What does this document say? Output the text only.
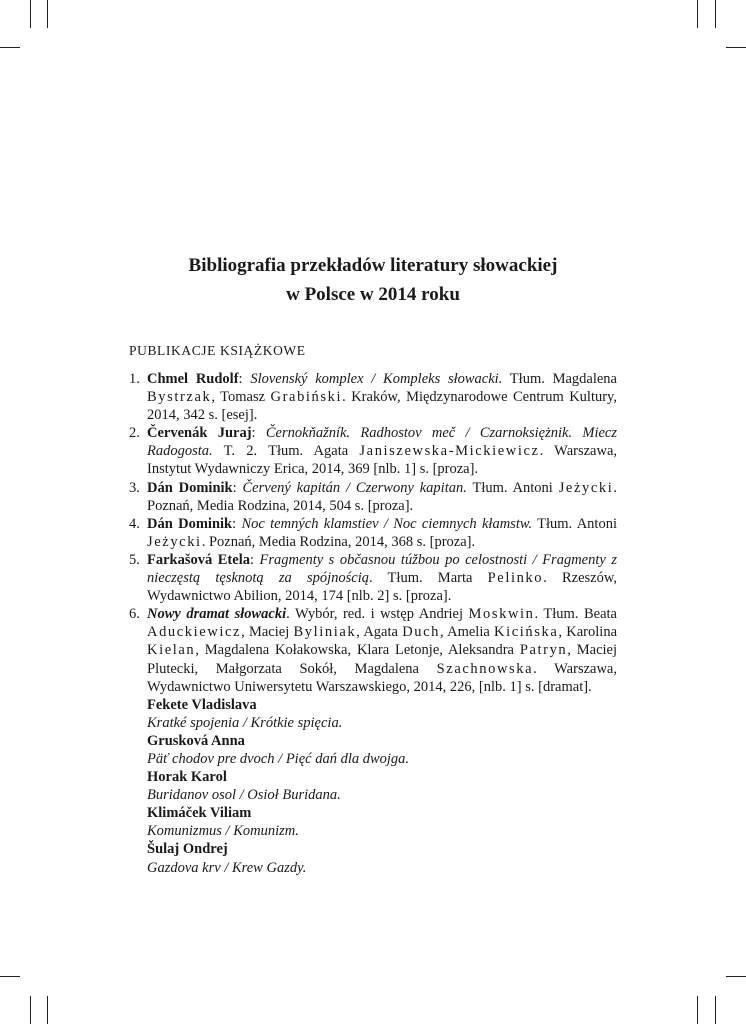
Bibliografia przekładów literatury słowackiej
w Polsce w 2014 roku
PUBLIKACJE KSIĄŻKOWE
1. Chmel Rudolf: Slovenský komplex / Kompleks słowacki. Tłum. Magdalena Bystrzak, Tomasz Grabiński. Kraków, Międzynarodowe Centrum Kultury, 2014, 342 s. [esej].
2. Červenák Juraj: Černokňažník. Radhostov meč / Czarnoksiężnik. Miecz Radogosta. T. 2. Tłum. Agata Janiszewska-Mickiewicz. Warszawa, Instytut Wydawniczy Erica, 2014, 369 [nlb. 1] s. [proza].
3. Dán Dominik: Červený kapitán / Czerwony kapitan. Tłum. Antoni Jeżycki. Poznań, Media Rodzina, 2014, 504 s. [proza].
4. Dán Dominik: Noc temných klamstiev / Noc ciemnych kłamstw. Tłum. Antoni Jeżycki. Poznań, Media Rodzina, 2014, 368 s. [proza].
5. Farkašová Etela: Fragmenty s občasnou túžbou po celostnosti / Fragmenty z nieczęstą tęsknotą za spójnością. Tłum. Marta Pelinko. Rzeszów, Wydawnictwo Abilion, 2014, 174 [nlb. 2] s. [proza].
6. Nowy dramat słowacki. Wybór, red. i wstęp Andriej Moskwin. Tłum. Beata Aduckiewicz, Maciej Byliniak, Agata Duch, Amelia Kicińska, Karolina Kielan, Magdalena Kołakowska, Klara Letonje, Aleksandra Patryn, Maciej Plutecki, Małgorzata Sokół, Magdalena Szachnowska. Warszawa, Wydawnictwo Uniwersytetu Warszawskiego, 2014, 226, [nlb. 1] s. [dramat].
Fekete Vladislava
Kratké spojenia / Krótkie spięcia.
Grusková Anna
Päť chodov pre dvoch / Pięć dań dla dwojga.
Horak Karol
Buridanov osol / Osioł Buridana.
Klimáček Viliam
Komunizmus / Komunizm.
Šulaj Ondrej
Gazdova krv / Krew Gazdy.
